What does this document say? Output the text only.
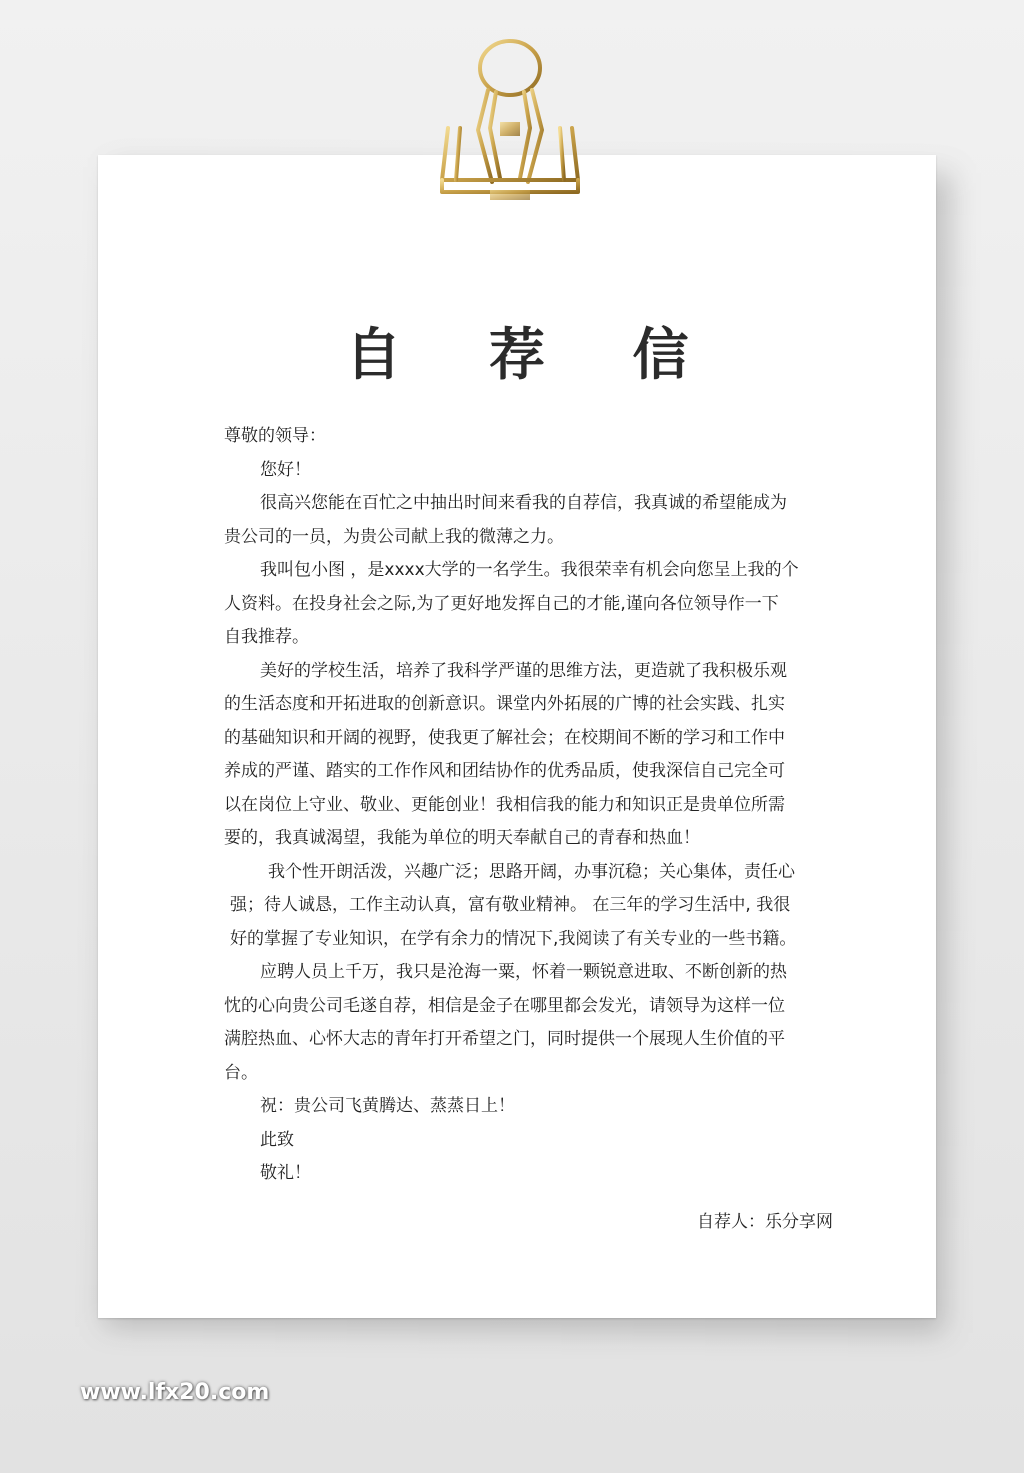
自 荐 信
尊敬的领导：
您好！
很高兴您能在百忙之中抽出时间来看我的自荐信，我真诚的希望能成为
贵公司的一员，为贵公司献上我的微薄之力。
我叫包小图 ，是xxxx大学的一名学生。我很荣幸有机会向您呈上我的个
人资料。在投身社会之际,为了更好地发挥自己的才能,谨向各位领导作一下
自我推荐。
美好的学校生活，培养了我科学严谨的思维方法，更造就了我积极乐观
的生活态度和开拓进取的创新意识。课堂内外拓展的广博的社会实践、扎实
的基础知识和开阔的视野，使我更了解社会；在校期间不断的学习和工作中
养成的严谨、踏实的工作作风和团结协作的优秀品质，使我深信自己完全可
以在岗位上守业、敬业、更能创业！我相信我的能力和知识正是贵单位所需
要的，我真诚渴望，我能为单位的明天奉献自己的青春和热血！
我个性开朗活泼，兴趣广泛；思路开阔，办事沉稳；关心集体，责任心
强；待人诚恳，工作主动认真，富有敬业精神。 在三年的学习生活中, 我很
好的掌握了专业知识，在学有余力的情况下,我阅读了有关专业的一些书籍。
应聘人员上千万，我只是沧海一粟，怀着一颗锐意进取、不断创新的热
忱的心向贵公司毛遂自荐，相信是金子在哪里都会发光，请领导为这样一位
满腔热血、心怀大志的青年打开希望之门，同时提供一个展现人生价值的平
台。
祝：贵公司飞黄腾达、蒸蒸日上！
此致
敬礼！
自荐人：乐分享网
www.lfx20.com
